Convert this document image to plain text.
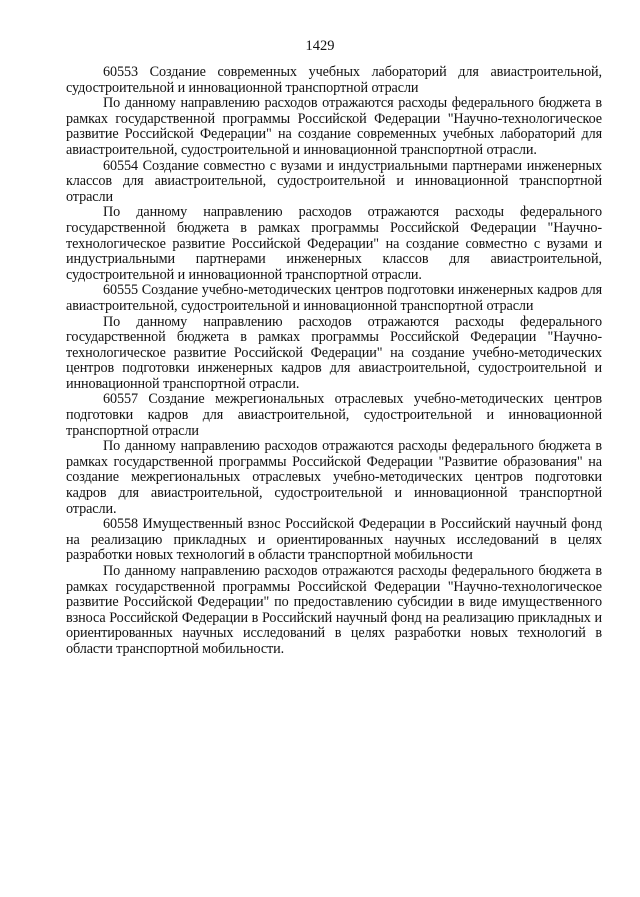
1429

60553 Создание современных учебных лабораторий для авиастроительной, судостроительной и инновационной транспортной отрасли

По данному направлению расходов отражаются расходы федерального бюджета в рамках государственной программы Российской Федерации "Научно-технологическое развитие Российской Федерации" на создание современных учебных лабораторий для авиастроительной, судостроительной и инновационной транспортной отрасли.

60554 Создание совместно с вузами и индустриальными партнерами инженерных классов для авиастроительной, судостроительной и инновационной транспортной отрасли

По данному направлению расходов отражаются расходы федерального государственной бюджета в рамках программы Российской Федерации "Научно-технологическое развитие Российской Федерации" на создание совместно с вузами и индустриальными партнерами инженерных классов для авиастроительной, судостроительной и инновационной транспортной отрасли.

60555 Создание учебно-методических центров подготовки инженерных кадров для авиастроительной, судостроительной и инновационной транспортной отрасли

По данному направлению расходов отражаются расходы федерального государственной бюджета в рамках программы Российской Федерации "Научно-технологическое развитие Российской Федерации" на создание учебно-методических центров подготовки инженерных кадров для авиастроительной, судостроительной и инновационной транспортной отрасли.

60557 Создание межрегиональных отраслевых учебно-методических центров подготовки кадров для авиастроительной, судостроительной и инновационной транспортной отрасли

По данному направлению расходов отражаются расходы федерального бюджета в рамках государственной программы Российской Федерации "Развитие образования" на создание межрегиональных отраслевых учебно-методических центров подготовки кадров для авиастроительной, судостроительной и инновационной транспортной отрасли.

60558 Имущественный взнос Российской Федерации в Российский научный фонд на реализацию прикладных и ориентированных научных исследований в целях разработки новых технологий в области транспортной мобильности

По данному направлению расходов отражаются расходы федерального бюджета в рамках государственной программы Российской Федерации "Научно-технологическое развитие Российской Федерации" по предоставлению субсидии в виде имущественного взноса Российской Федерации в Российский научный фонд на реализацию прикладных и ориентированных научных исследований в целях разработки новых технологий в области транспортной мобильности.
